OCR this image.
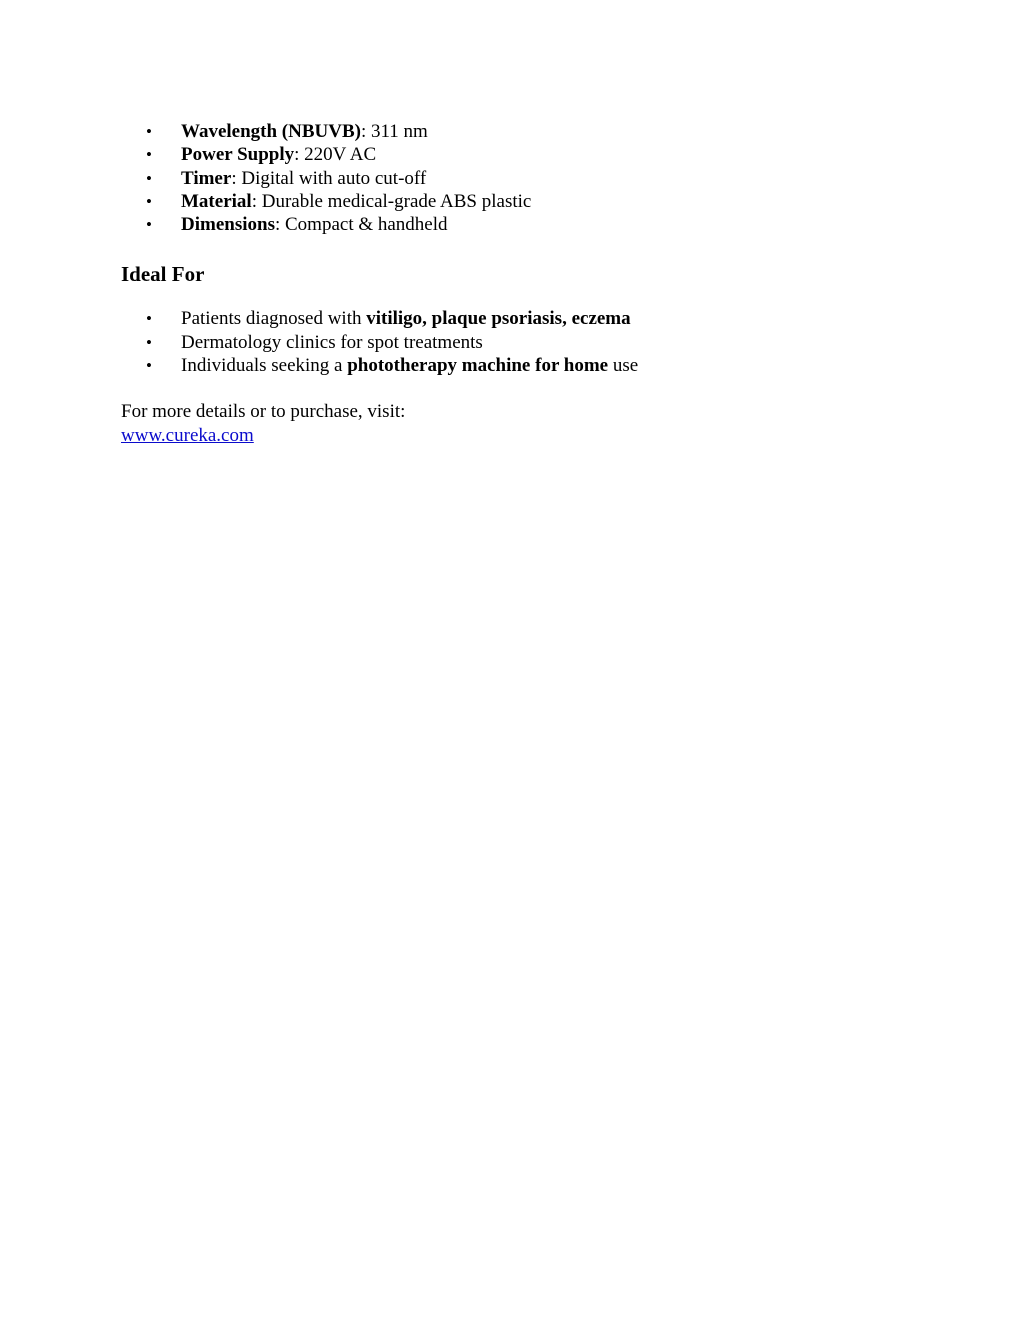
• Wavelength (NBUVB): 311 nm
• Power Supply: 220V AC
• Timer: Digital with auto cut-off
• Material: Durable medical-grade ABS plastic
• Dimensions: Compact & handheld
Ideal For
• Patients diagnosed with vitiligo, plaque psoriasis, eczema
• Dermatology clinics for spot treatments
• Individuals seeking a phototherapy machine for home use
For more details or to purchase, visit:
www.cureka.com
